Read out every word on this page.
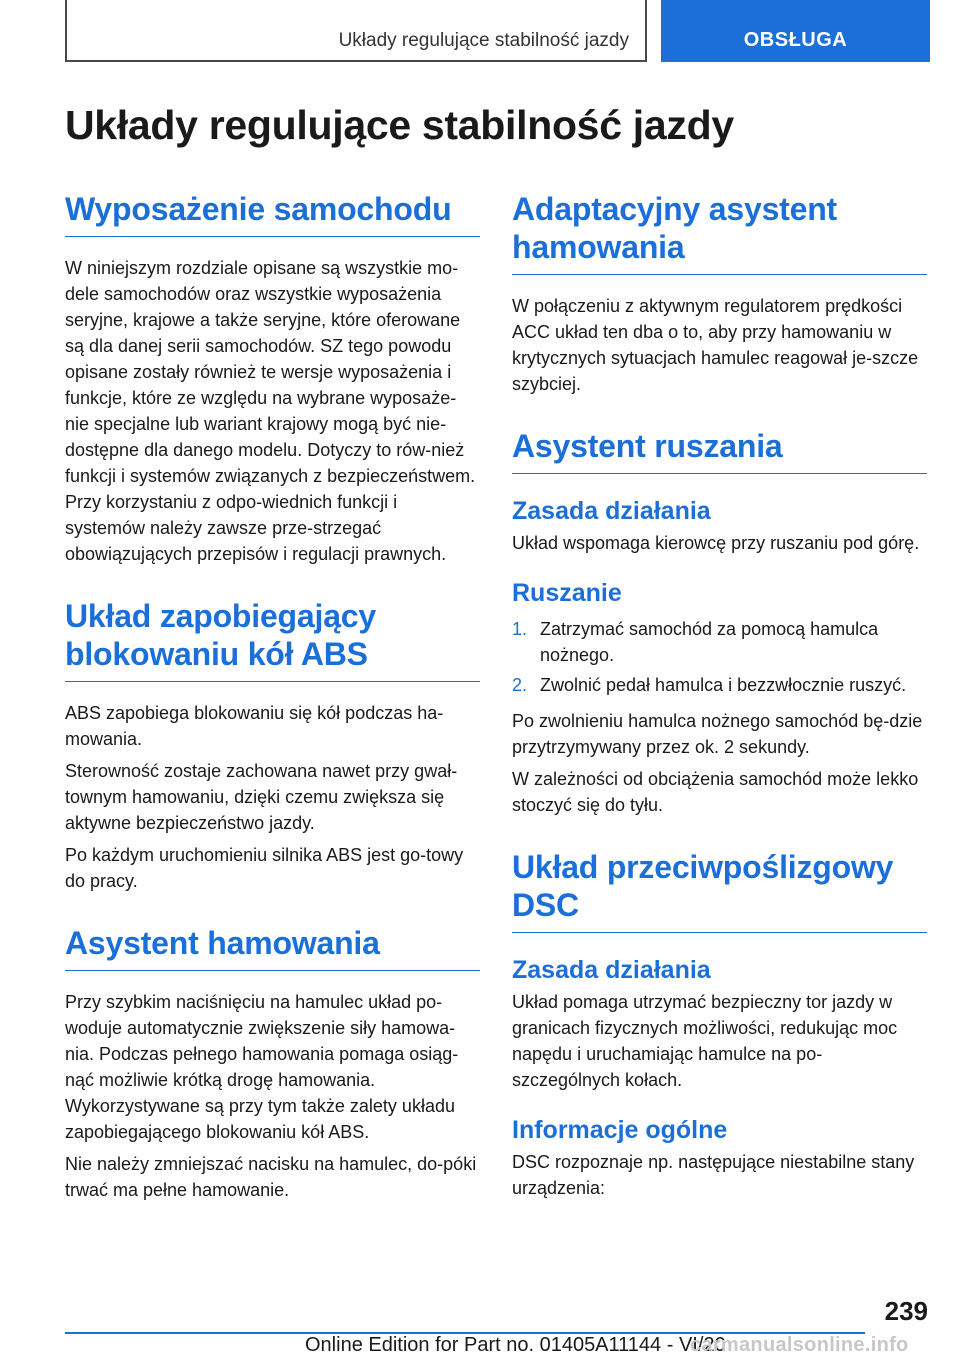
Układy regulujące stabilność jazdy	OBSŁUGA
Układy regulujące stabilność jazdy
Wyposażenie samochodu

W niniejszym rozdziale opisane są wszystkie mo-dele samochodów oraz wszystkie wyposażenia seryjne, krajowe a także seryjne, które oferowane są dla danej serii samochodów. SZ tego powodu opisane zostały również te wersje wyposażenia i funkcje, które ze względu na wybrane wyposaże-nie specjalne lub wariant krajowy mogą być nie-dostępne dla danego modelu. Dotyczy to rów-nież funkcji i systemów związanych z bezpieczeństwem. Przy korzystaniu z odpo-wiednich funkcji i systemów należy zawsze prze-strzegać obowiązujących przepisów i regulacji prawnych.

Układ zapobiegający blokowaniu kół ABS

ABS zapobiega blokowaniu się kół podczas ha-mowania.

Sterowność zostaje zachowana nawet przy gwał-townym hamowaniu, dzięki czemu zwiększa się aktywne bezpieczeństwo jazdy.

Po każdym uruchomieniu silnika ABS jest go-towy do pracy.

Asystent hamowania

Przy szybkim naciśnięciu na hamulec układ po-woduje automatycznie zwiększenie siły hamowa-nia. Podczas pełnego hamowania pomaga osiąg-nąć możliwie krótką drogę hamowania. Wykorzystywane są przy tym także zalety układu zapobiegającego blokowaniu kół ABS.

Nie należy zmniejszać nacisku na hamulec, do-póki trwać ma pełne hamowanie.

Adaptacyjny asystent hamowania

W połączeniu z aktywnym regulatorem prędkości ACC układ ten dba o to, aby przy hamowaniu w krytycznych sytuacjach hamulec reagował je-szcze szybciej.

Asystent ruszania
Zasada działania

Układ wspomaga kierowcę przy ruszaniu pod górę.

Ruszanie
1. Zatrzymać samochód za pomocą hamulca nożnego.
2. Zwolnić pedał hamulca i bezzwłocznie ruszyć.

Po zwolnieniu hamulca nożnego samochód bę-dzie przytrzymywany przez ok. 2 sekundy.

W zależności od obciążenia samochód może lekko stoczyć się do tyłu.

Układ przeciwpoślizgowy DSC
Zasada działania

Układ pomaga utrzymać bezpieczny tor jazdy w granicach fizycznych możliwości, redukując moc napędu i uruchamiając hamulce na po-szczególnych kołach.

Informacje ogólne

DSC rozpoznaje np. następujące niestabilne stany urządzenia:

239
Online Edition for Part no. 01405A11144 - VI/20
carmanualsonline.info
